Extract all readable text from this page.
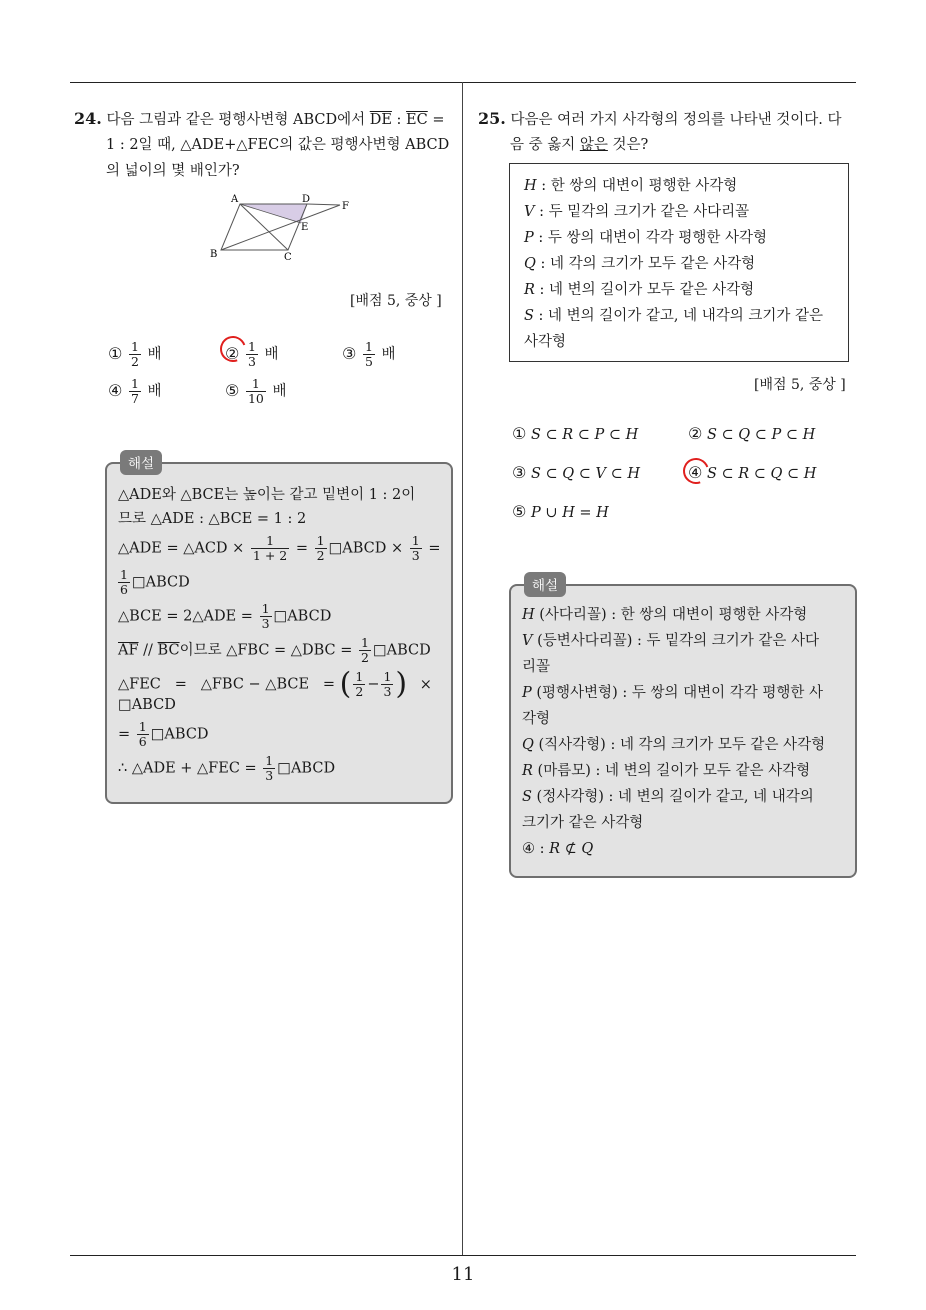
11
24. 다음 그림과 같은 평행사변형 ABCD에서 $\overline{DE}$ : $\overline{EC}$ =
1 : 2일 때, △ADE+△FEC의 값은 평행사변형 ABCD
의 넓이의 몇 배인가?
A	D
F
E
B	C
[배점 5, 중상 ]
① $\frac{1}{2}$ 배	② $\frac{1}{3}$ 배	③ $\frac{1}{5}$ 배
④ $\frac{1}{7}$ 배	⑤ $\frac{1}{10}$ 배
해설
△ADE와 △BCE는 높이는 같고 밑변이 1 : 2이
므로 △ADE : △BCE = 1 : 2
△ADE = △ACD × $\frac{1}{1 + 2} = \frac{1}{2}$ □ABCD × $\frac{1}{3}$ =
$\frac{1}{6}$ □ABCD
△BCE = 2△ADE = $\frac{1}{3}$ □ABCD
$\overline{AF} // \overline{BC}$이므로 △FBC = △DBC = $\frac{1}{2}$ □ABCD
△FEC   =   △FBC − △BCE   = ( $\frac{1}{2} - \frac{1}{3}$ ) ×
□ABCD
= $\frac{1}{6}$ □ABCD
∴ △ADE + △FEC = $\frac{1}{3}$ □ABCD
25. 다음은 여러 가지 사각형의 정의를 나타낸 것이다. 다
음 중 옳지 않은 것은?
H : 한 쌍의 대변이 평행한 사각형
V : 두 밑각의 크기가 같은 사다리꼴
P : 두 쌍의 대변이 각각 평행한 사각형
Q : 네 각의 크기가 모두 같은 사각형
R : 네 변의 길이가 모두 같은 사각형
S : 네 변의 길이가 같고, 네 내각의 크기가 같은
사각형
[배점 5, 중상 ]
① S ⊂ R ⊂ P ⊂ H	② S ⊂ Q ⊂ P ⊂ H
③ S ⊂ Q ⊂ V ⊂ H	④ S ⊂ R ⊂ Q ⊂ H
⑤ P ∪ H = H
해설
H (사다리꼴) : 한 쌍의 대변이 평행한 사각형
V (등변사다리꼴) : 두 밑각의 크기가 같은 사다
리꼴
P (평행사변형) : 두 쌍의 대변이 각각 평행한 사
각형
Q (직사각형) : 네 각의 크기가 모두 같은 사각형
R (마름모) : 네 변의 길이가 모두 같은 사각형
S (정사각형) : 네 변의 길이가 같고, 네 내각의
크기가 같은 사각형
④ : R ⊄ Q
